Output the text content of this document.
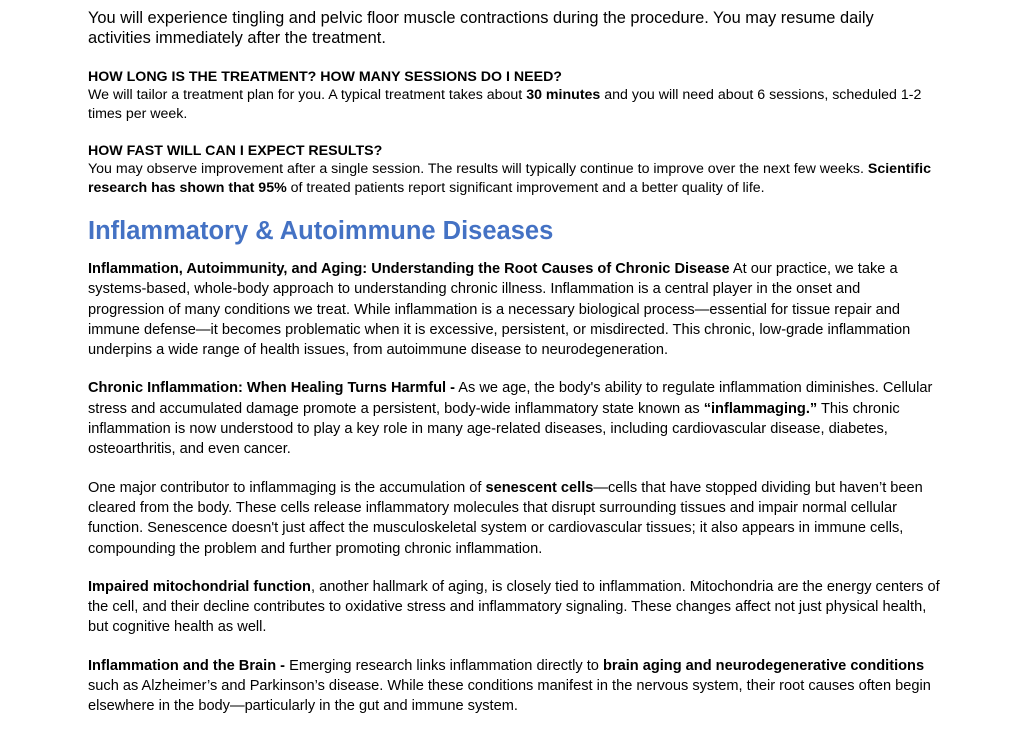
You will experience tingling and pelvic floor muscle contractions during the procedure. You may resume daily activities immediately after the treatment.

HOW LONG IS THE TREATMENT? HOW MANY SESSIONS DO I NEED?

We will tailor a treatment plan for you. A typical treatment takes about 30 minutes and you will need about 6 sessions, scheduled 1-2 times per week.

HOW FAST WILL CAN I EXPECT RESULTS?

You may observe improvement after a single session. The results will typically continue to improve over the next few weeks. Scientific research has shown that 95% of treated patients report significant improvement and a better quality of life.

Inflammatory & Autoimmune Diseases

Inflammation, Autoimmunity, and Aging: Understanding the Root Causes of Chronic Disease At our practice, we take a systems-based, whole-body approach to understanding chronic illness. Inflammation is a central player in the onset and progression of many conditions we treat. While inflammation is a necessary biological process—essential for tissue repair and immune defense—it becomes problematic when it is excessive, persistent, or misdirected. This chronic, low-grade inflammation underpins a wide range of health issues, from autoimmune disease to neurodegeneration.

Chronic Inflammation: When Healing Turns Harmful - As we age, the body's ability to regulate inflammation diminishes. Cellular stress and accumulated damage promote a persistent, body-wide inflammatory state known as “inflammaging.” This chronic inflammation is now understood to play a key role in many age-related diseases, including cardiovascular disease, diabetes, osteoarthritis, and even cancer.

One major contributor to inflammaging is the accumulation of senescent cells—cells that have stopped dividing but haven’t been cleared from the body. These cells release inflammatory molecules that disrupt surrounding tissues and impair normal cellular function. Senescence doesn't just affect the musculoskeletal system or cardiovascular tissues; it also appears in immune cells, compounding the problem and further promoting chronic inflammation.

Impaired mitochondrial function, another hallmark of aging, is closely tied to inflammation. Mitochondria are the energy centers of the cell, and their decline contributes to oxidative stress and inflammatory signaling. These changes affect not just physical health, but cognitive health as well.

Inflammation and the Brain - Emerging research links inflammation directly to brain aging and neurodegenerative conditions such as Alzheimer’s and Parkinson’s disease. While these conditions manifest in the nervous system, their root causes often begin elsewhere in the body—particularly in the gut and immune system.
